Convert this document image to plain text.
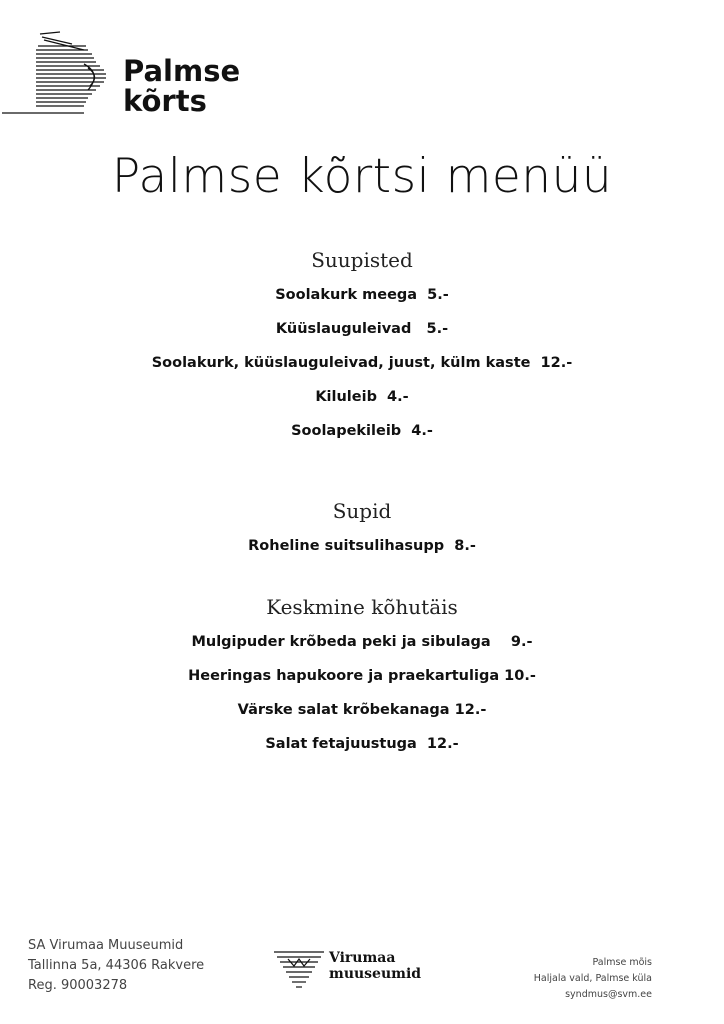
Palmse
kõrts
Palmse kõrtsi menüü
Suupisted
Soolakurk meega  5.-
Küüslauguleivad   5.-
Soolakurk, küüslauguleivad, juust, külm kaste  12.-
Kiluleib  4.-
Soolapekileib  4.-
Supid
Roheline suitsulihasupp  8.-
Keskmine kõhutäis
Mulgipuder krõbeda peki ja sibulaga    9.-
Heeringas hapukoore ja praekartuliga 10.-
Värske salat krõbekanaga 12.-
Salat fetajuustuga  12.-
SA Virumaa Muuseumid
Tallinna 5a, 44306 Rakvere
Reg. 90003278
Virumaa
muuseumid
Palmse mõis
Haljala vald, Palmse küla
syndmus@svm.ee
